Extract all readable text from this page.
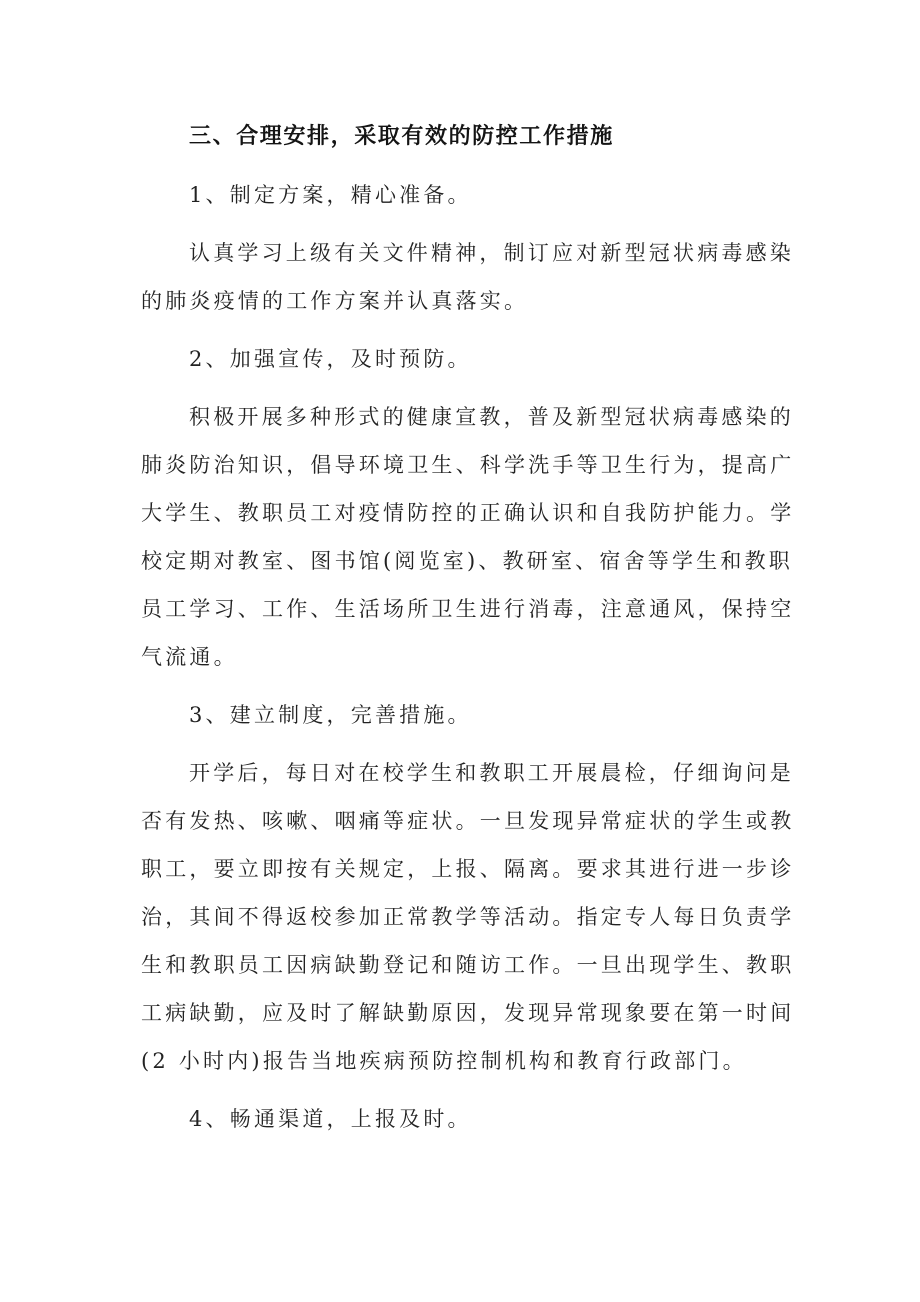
三、合理安排，采取有效的防控工作措施

1、制定方案，精心准备。

认真学习上级有关文件精神，制订应对新型冠状病毒感染
的肺炎疫情的工作方案并认真落实。

2、加强宣传，及时预防。

积极开展多种形式的健康宣教，普及新型冠状病毒感染的
肺炎防治知识，倡导环境卫生、科学洗手等卫生行为，提高广
大学生、教职员工对疫情防控的正确认识和自我防护能力。学
校定期对教室、图书馆(阅览室)、教研室、宿舍等学生和教职
员工学习、工作、生活场所卫生进行消毒，注意通风，保持空
气流通。

3、建立制度，完善措施。

开学后，每日对在校学生和教职工开展晨检，仔细询问是
否有发热、咳嗽、咽痛等症状。一旦发现异常症状的学生或教
职工，要立即按有关规定，上报、隔离。要求其进行进一步诊
治，其间不得返校参加正常教学等活动。指定专人每日负责学
生和教职员工因病缺勤登记和随访工作。一旦出现学生、教职
工病缺勤，应及时了解缺勤原因，发现异常现象要在第一时间
(2 小时内)报告当地疾病预防控制机构和教育行政部门。

4、畅通渠道，上报及时。
